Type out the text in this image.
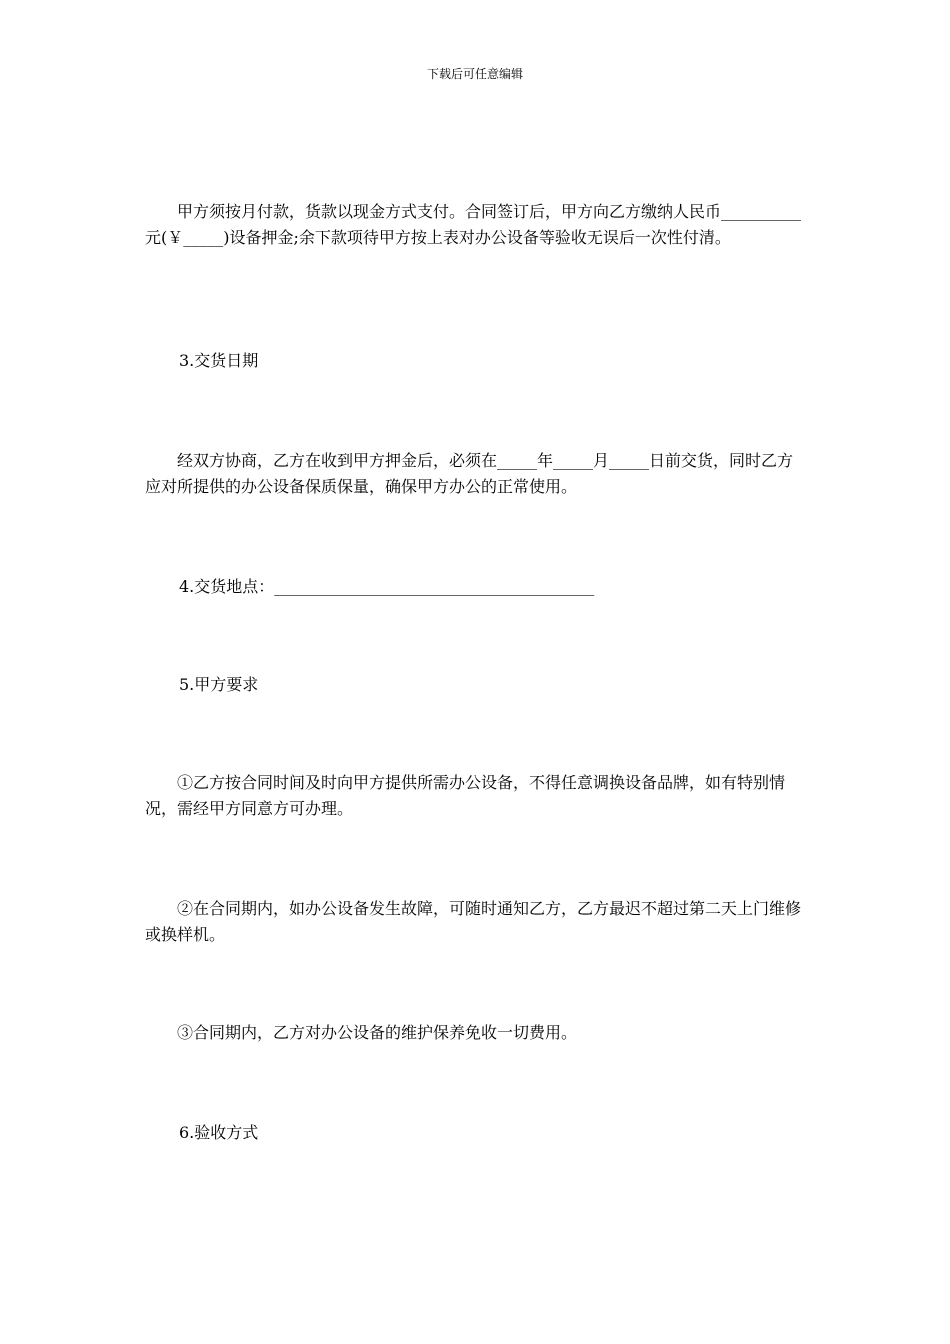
下载后可任意编辑

甲方须按月付款，货款以现金方式支付。合同签订后，甲方向乙方缴纳人民币__________元(￥_____)设备押金;余下款项待甲方按上表对办公设备等验收无误后一次性付清。

3.交货日期

经双方协商，乙方在收到甲方押金后，必须在_____年_____月_____日前交货，同时乙方应对所提供的办公设备保质保量，确保甲方办公的正常使用。

4.交货地点：________________________________________

5.甲方要求

①乙方按合同时间及时向甲方提供所需办公设备，不得任意调换设备品牌，如有特别情况，需经甲方同意方可办理。

②在合同期内，如办公设备发生故障，可随时通知乙方，乙方最迟不超过第二天上门维修或换样机。

③合同期内，乙方对办公设备的维护保养免收一切费用。

6.验收方式
